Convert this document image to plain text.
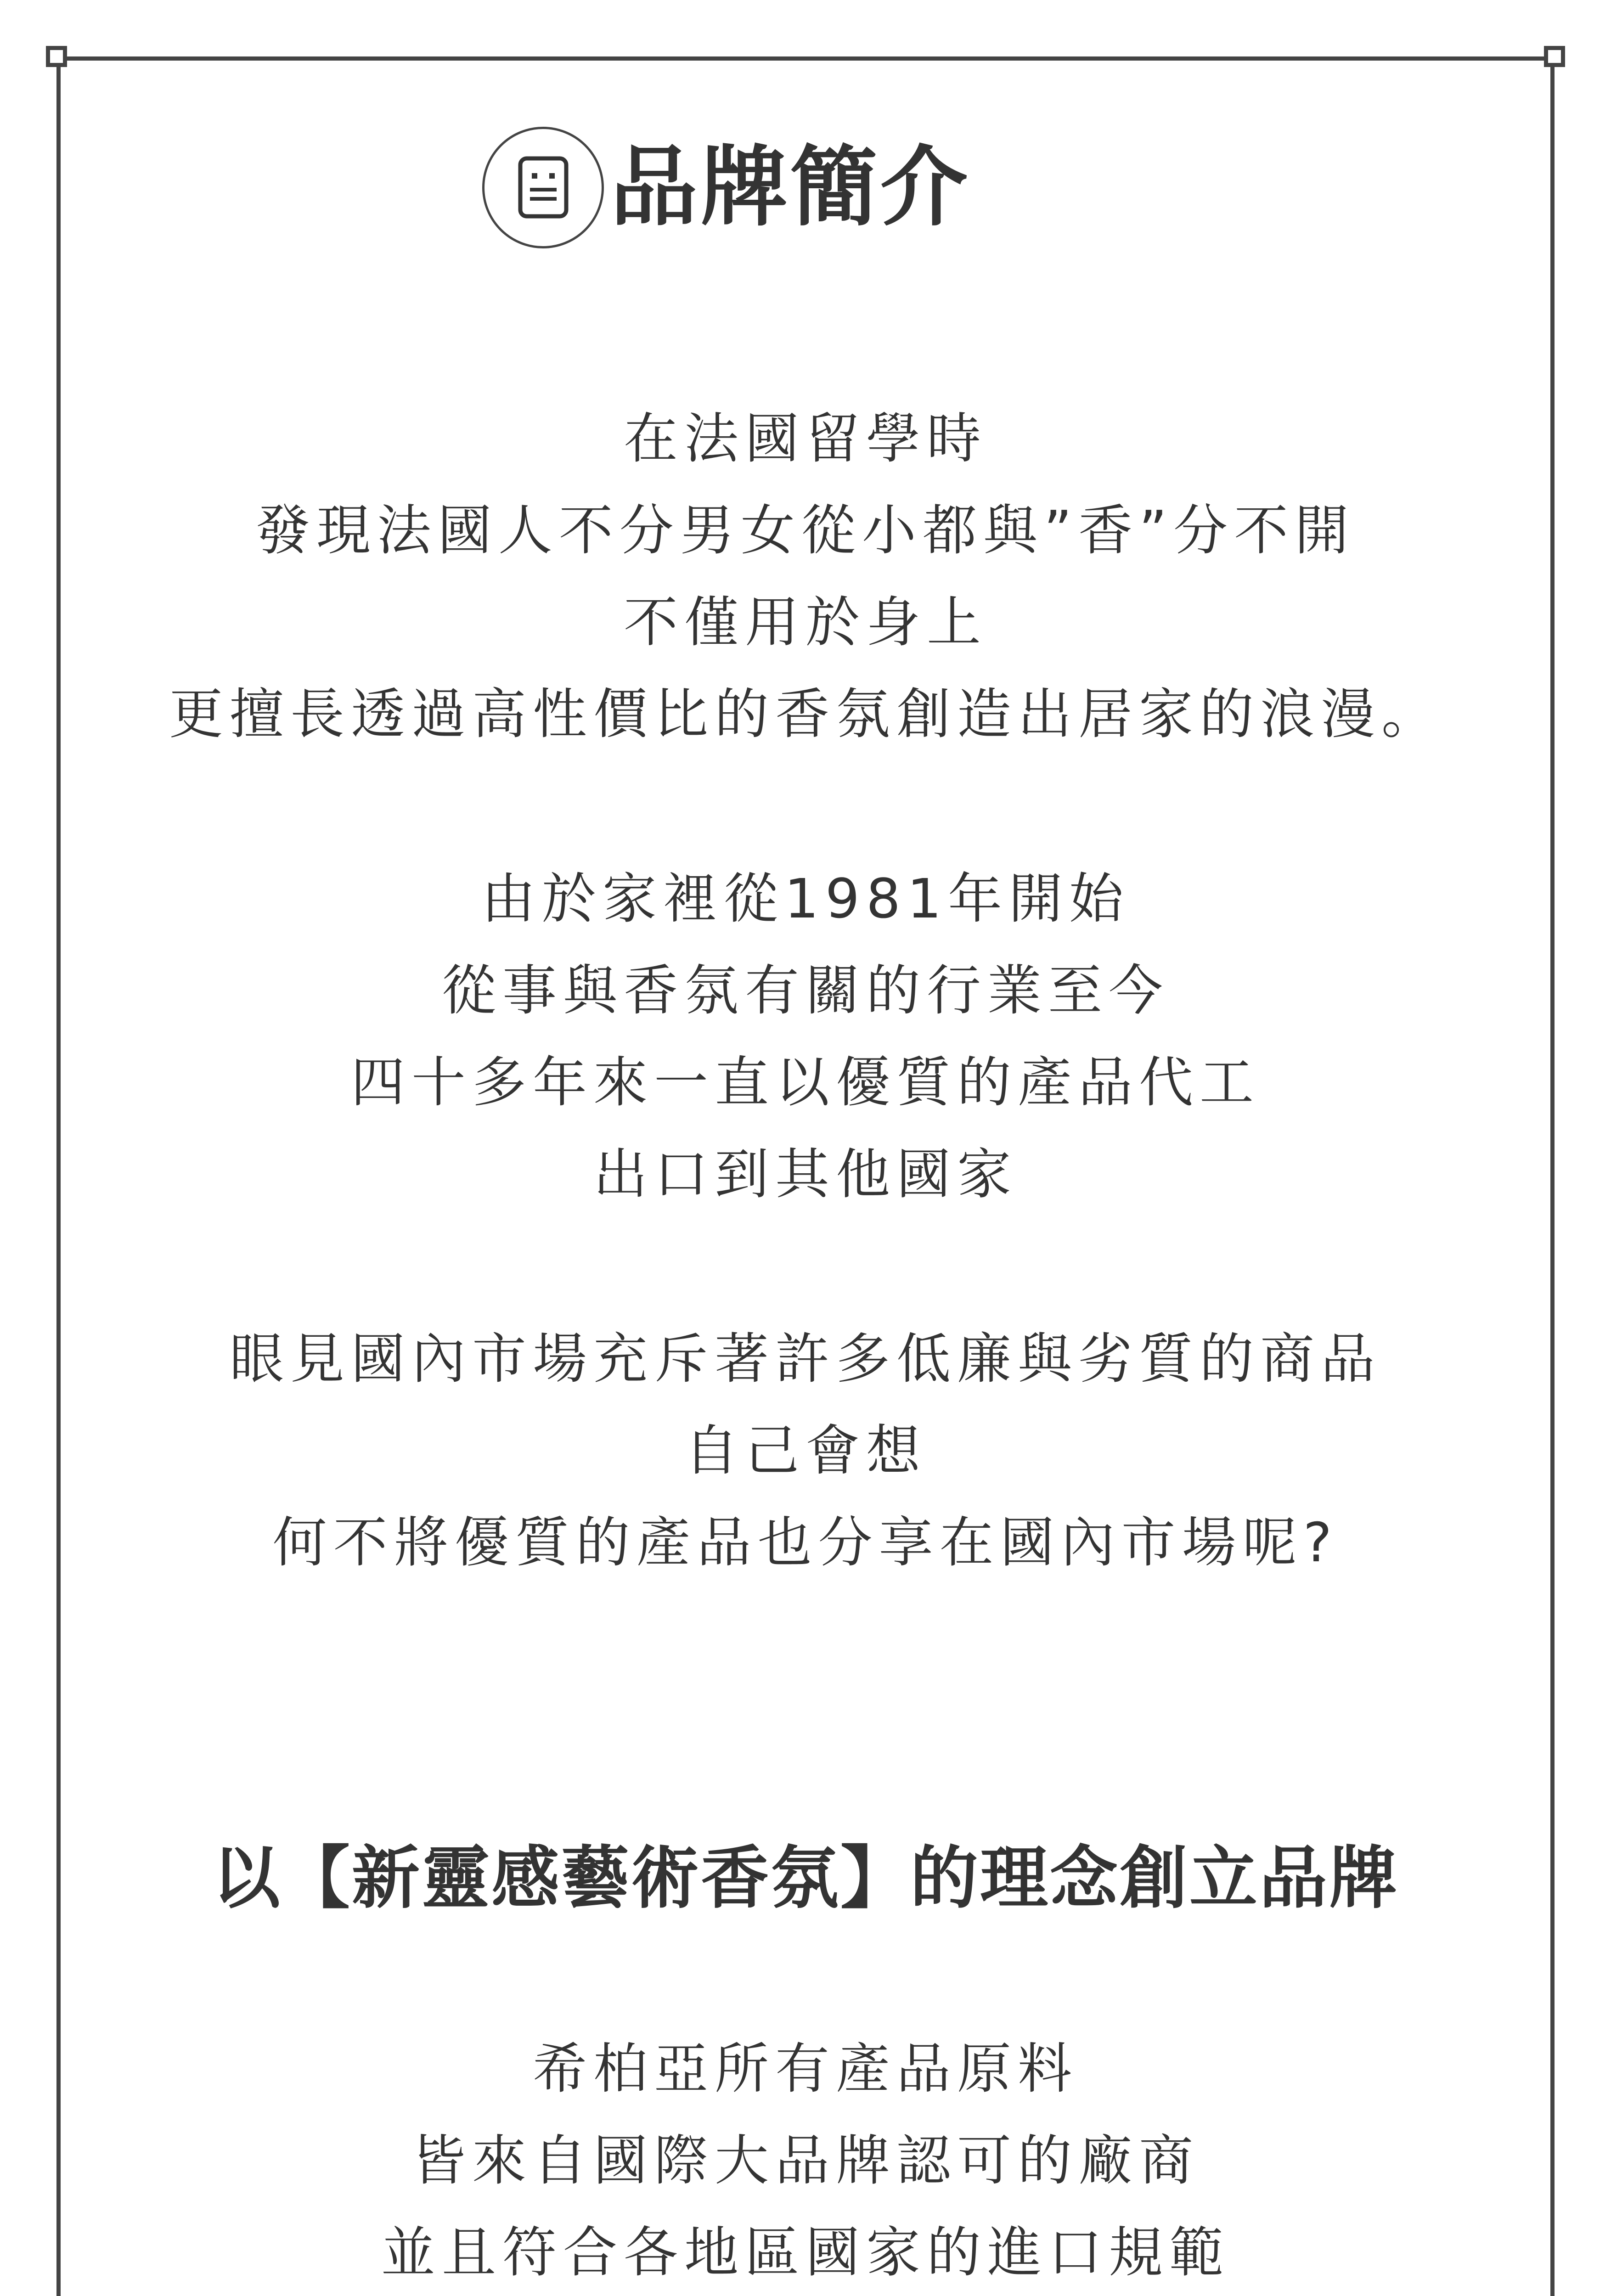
品牌簡介
在法國留學時
發現法國人不分男女從小都與”香”分不開
不僅用於身上
更擅長透過高性價比的香氛創造出居家的浪漫。
由於家裡從1981年開始
從事與香氛有關的行業至今
四十多年來一直以優質的產品代工
出口到其他國家
眼見國內市場充斥著許多低廉與劣質的商品
自己會想
何不將優質的產品也分享在國內市場呢?
以【新靈感藝術香氛】的理念創立品牌
希柏亞所有產品原料
皆來自國際大品牌認可的廠商
並且符合各地區國家的進口規範
